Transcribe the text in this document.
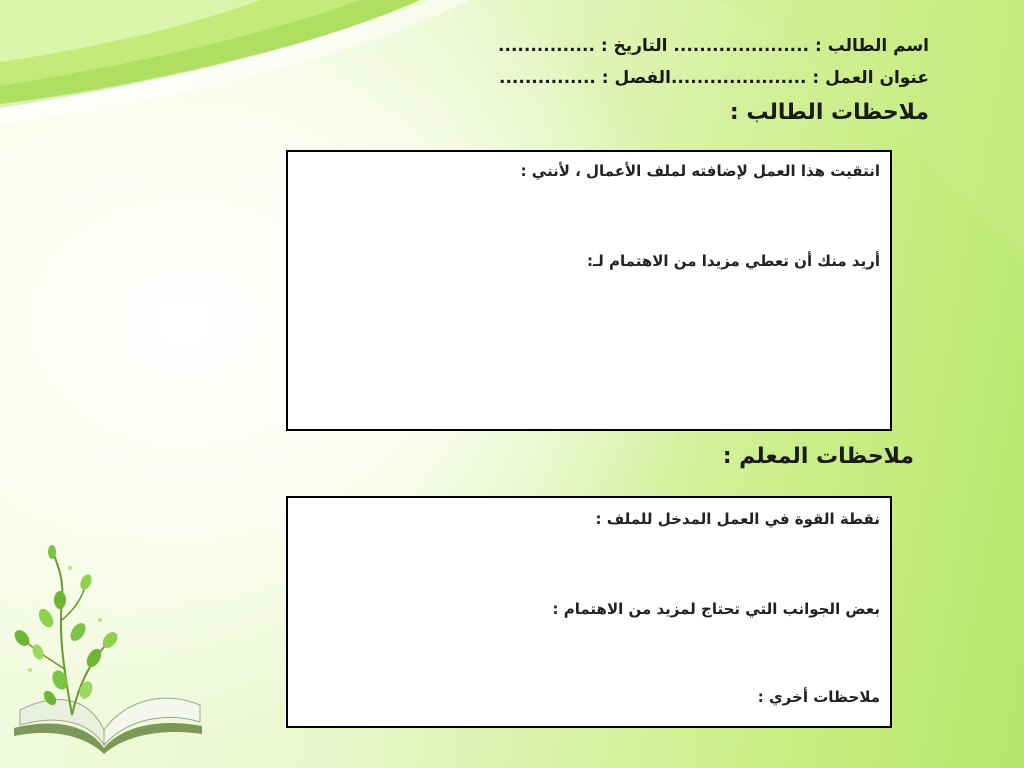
اسم الطالب : ..................... التاريخ : ...............
عنوان العمل : .....................الفصل : ...............
ملاحظات الطالب :
انتقيت هذا العمل لإضافته لملف الأعمال ، لأنني :
أريد منك أن تعطي مزيدا من الاهتمام لـ:
ملاحظات المعلم :
نقطة القوة في العمل المدخل للملف :
بعض الجوانب التي تحتاج لمزيد من الاهتمام :
ملاحظات أخري :
